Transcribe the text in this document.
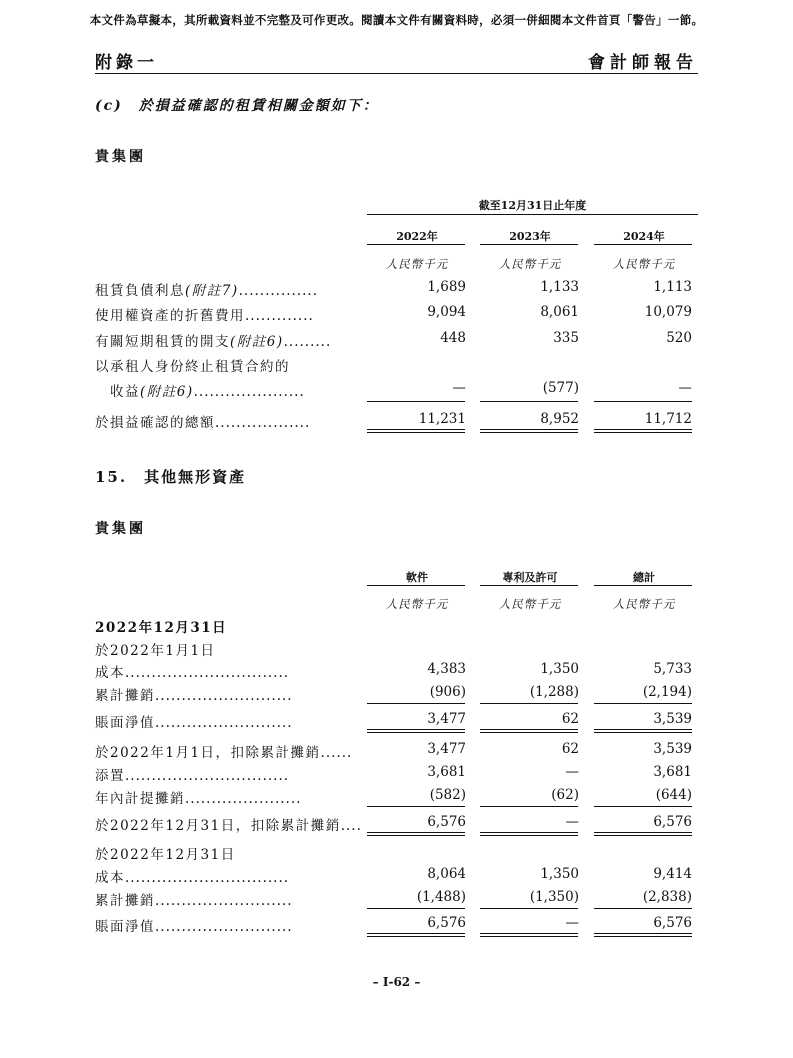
本文件為草擬本，其所載資料並不完整及可作更改。閱讀本文件有關資料時，必須一併細閱本文件首頁「警告」一節。
附錄一	會計師報告
(c)　於損益確認的租賃相關金額如下：
貴集團
截至12月31日止年度
2022年	2023年	2024年
人民幣千元	人民幣千元	人民幣千元
租賃負債利息(附註7)...............	1,689	1,133	1,113
使用權資產的折舊費用.............	9,094	8,061	10,079
有關短期租賃的開支(附註6).........	448	335	520
以承租人身份終止租賃合約的
收益(附註6).....................	—	(577)	—
於損益確認的總額..................	11,231	8,952	11,712
15.　其他無形資產
貴集團
軟件	專利及許可	總計
人民幣千元	人民幣千元	人民幣千元
2022年12月31日
於2022年1月1日
成本...............................	4,383	1,350	5,733
累計攤銷..........................	(906)	(1,288)	(2,194)
賬面淨值..........................	3,477	62	3,539
於2022年1月1日，扣除累計攤銷......	3,477	62	3,539
添置...............................	3,681	—	3,681
年內計提攤銷......................	(582)	(62)	(644)
於2022年12月31日，扣除累計攤銷....	6,576	—	6,576
於2022年12月31日
成本...............................	8,064	1,350	9,414
累計攤銷..........................	(1,488)	(1,350)	(2,838)
賬面淨值..........................	6,576	—	6,576
– I-62 –
